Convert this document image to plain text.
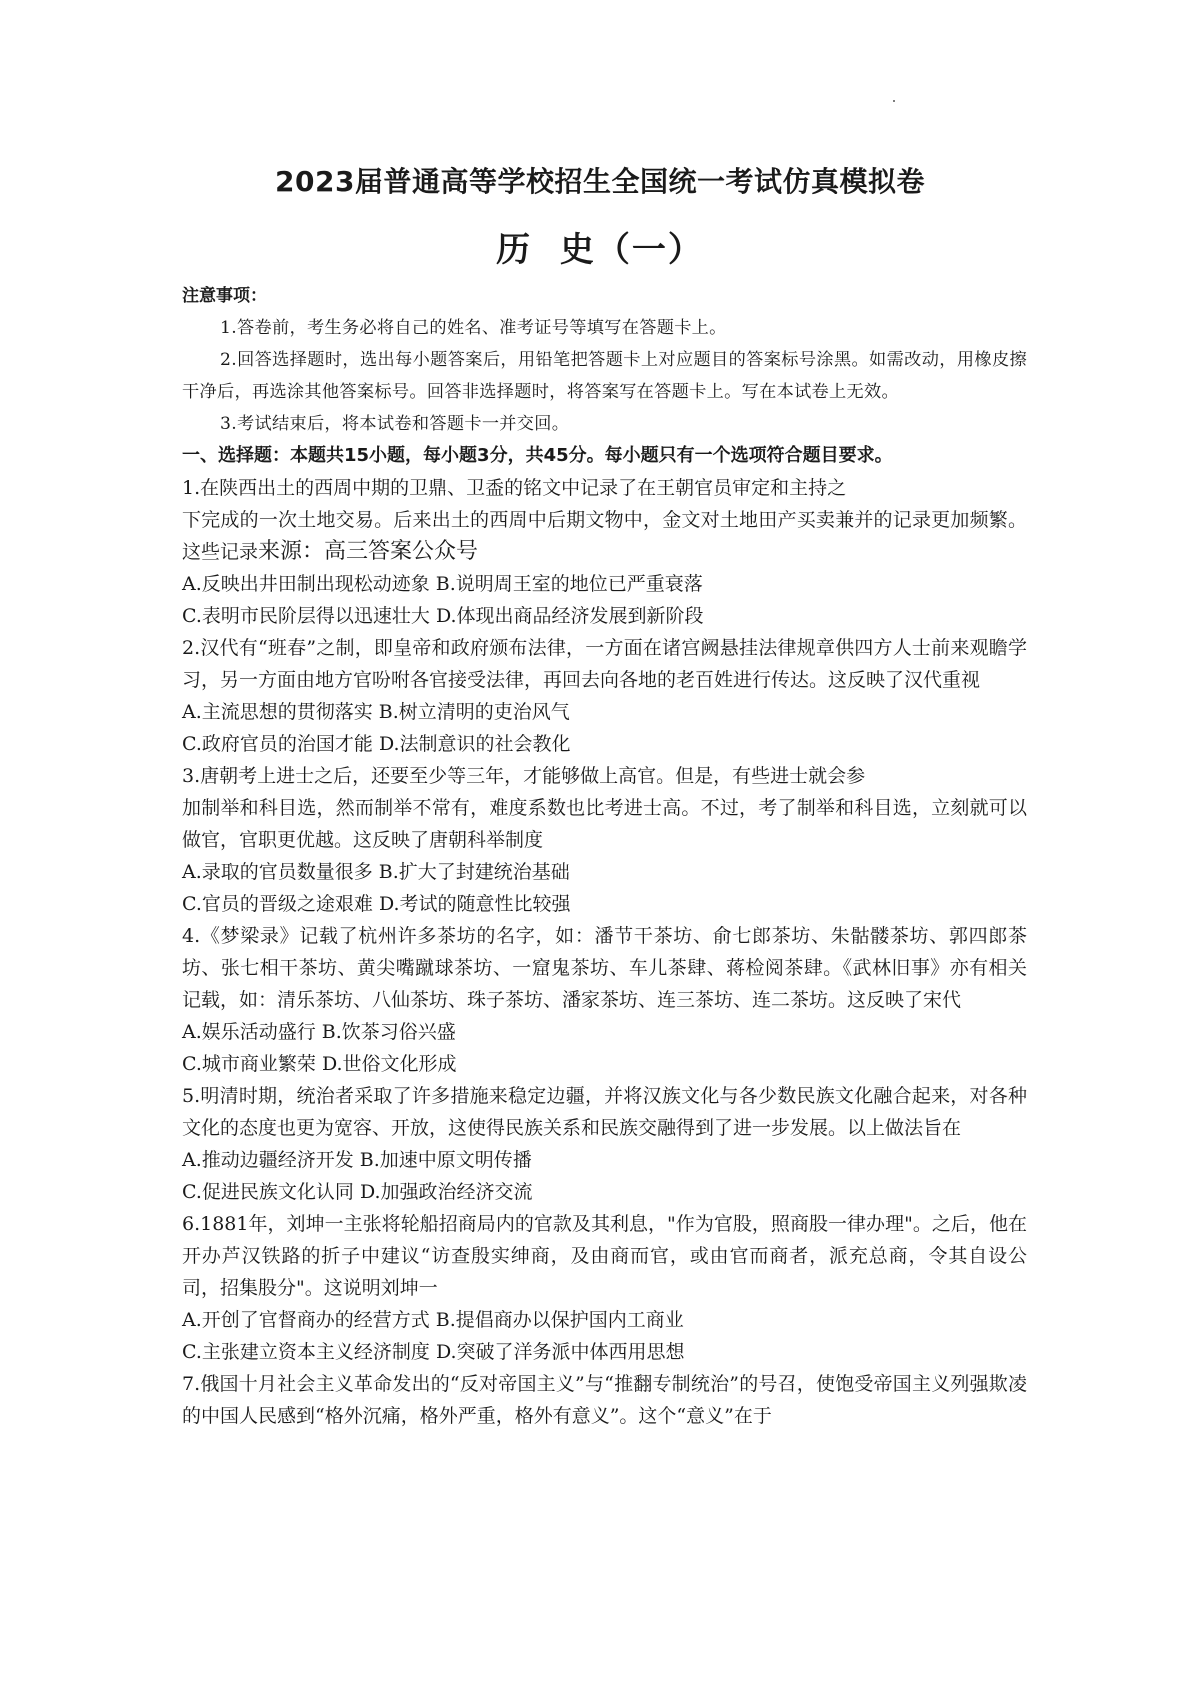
2023届普通高等学校招生全国统一考试仿真模拟卷
历  史（一）
注意事项：
1.答卷前，考生务必将自己的姓名、准考证号等填写在答题卡上。
2.回答选择题时，选出每小题答案后，用铅笔把答题卡上对应题目的答案标号涂黑。如需改动，用橡皮擦干净后，再选涂其他答案标号。回答非选择题时，将答案写在答题卡上。写在本试卷上无效。
3.考试结束后，将本试卷和答题卡一并交回。
一、选择题：本题共15小题，每小题3分，共45分。每小题只有一个选项符合题目要求。
1.在陕西出土的西周中期的卫鼎、卫盉的铭文中记录了在王朝官员审定和主持之
下完成的一次土地交易。后来出土的西周中后期文物中，金文对土地田产买卖兼并的记录更加频繁。这些记录来源：高三答案公众号
A.反映出井田制出现松动迹象 B.说明周王室的地位已严重衰落
C.表明市民阶层得以迅速壮大 D.体现出商品经济发展到新阶段
2.汉代有“班春”之制，即皇帝和政府颁布法律，一方面在诸宫阙悬挂法律规章供四方人士前来观瞻学习，另一方面由地方官吩咐各官接受法律，再回去向各地的老百姓进行传达。这反映了汉代重视
A.主流思想的贯彻落实 B.树立清明的吏治风气
C.政府官员的治国才能 D.法制意识的社会教化
3.唐朝考上进士之后，还要至少等三年，才能够做上高官。但是，有些进士就会参
加制举和科目选，然而制举不常有，难度系数也比考进士高。不过，考了制举和科目选，立刻就可以做官，官职更优越。这反映了唐朝科举制度
A.录取的官员数量很多 B.扩大了封建统治基础
C.官员的晋级之途艰难 D.考试的随意性比较强
4.《梦梁录》记载了杭州许多茶坊的名字，如：潘节干茶坊、俞七郎茶坊、朱骷髅茶坊、郭四郎茶坊、张七相干茶坊、黄尖嘴蹴球茶坊、一窟鬼茶坊、车儿茶肆、蒋检阅茶肆。《武林旧事》亦有相关记载，如：清乐茶坊、八仙茶坊、珠子茶坊、潘家茶坊、连三茶坊、连二茶坊。这反映了宋代
A.娱乐活动盛行 B.饮茶习俗兴盛
C.城市商业繁荣 D.世俗文化形成
5.明清时期，统治者采取了许多措施来稳定边疆，并将汉族文化与各少数民族文化融合起来，对各种文化的态度也更为宽容、开放，这使得民族关系和民族交融得到了进一步发展。以上做法旨在
A.推动边疆经济开发 B.加速中原文明传播
C.促进民族文化认同 D.加强政治经济交流
6.1881年，刘坤一主张将轮船招商局内的官款及其利息，"作为官股，照商股一律办理"。之后，他在开办芦汉铁路的折子中建议“访查殷实绅商，及由商而官，或由官而商者，派充总商，令其自设公司，招集股分"。这说明刘坤一
A.开创了官督商办的经营方式 B.提倡商办以保护国内工商业
C.主张建立资本主义经济制度 D.突破了洋务派中体西用思想
7.俄国十月社会主义革命发出的“反对帝国主义”与“推翻专制统治”的号召，使饱受帝国主义列强欺凌的中国人民感到“格外沉痛，格外严重，格外有意义”。这个“意义”在于
